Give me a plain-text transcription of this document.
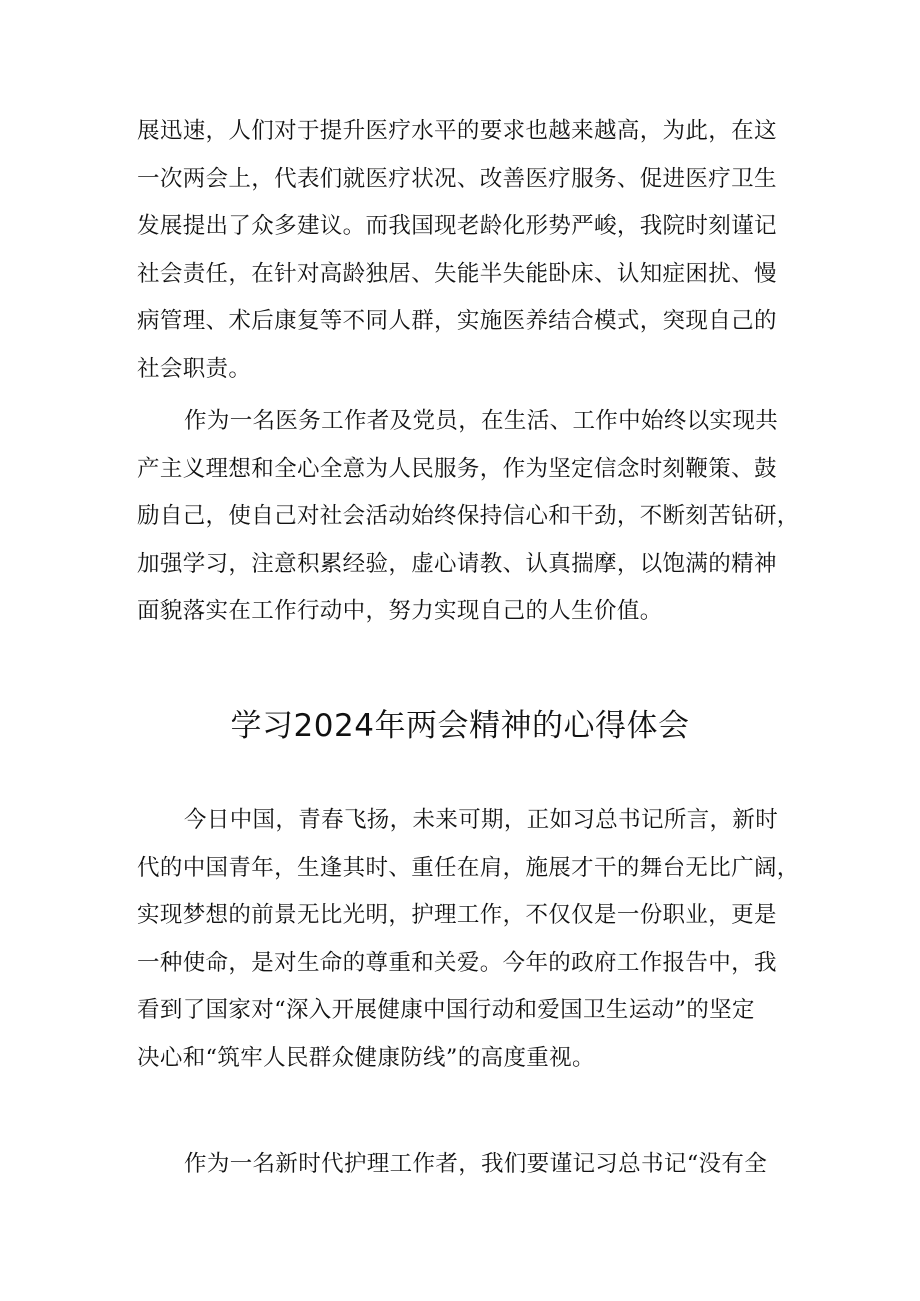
展迅速，人们对于提升医疗水平的要求也越来越高，为此，在这
一次两会上，代表们就医疗状况、改善医疗服务、促进医疗卫生
发展提出了众多建议。而我国现老龄化形势严峻，我院时刻谨记
社会责任，在针对高龄独居、失能半失能卧床、认知症困扰、慢
病管理、术后康复等不同人群，实施医养结合模式，突现自己的
社会职责。
作为一名医务工作者及党员，在生活、工作中始终以实现共
产主义理想和全心全意为人民服务，作为坚定信念时刻鞭策、鼓
励自己，使自己对社会活动始终保持信心和干劲，不断刻苦钻研，
加强学习，注意积累经验，虚心请教、认真揣摩，以饱满的精神
面貌落实在工作行动中，努力实现自己的人生价值。
学习2024年两会精神的心得体会
今日中国，青春飞扬，未来可期，正如习总书记所言，新时
代的中国青年，生逢其时、重任在肩，施展才干的舞台无比广阔，
实现梦想的前景无比光明，护理工作，不仅仅是一份职业，更是
一种使命，是对生命的尊重和关爱。今年的政府工作报告中，我
看到了国家对“深入开展健康中国行动和爱国卫生运动”的坚定
决心和“筑牢人民群众健康防线”的高度重视。
作为一名新时代护理工作者，我们要谨记习总书记“没有全
